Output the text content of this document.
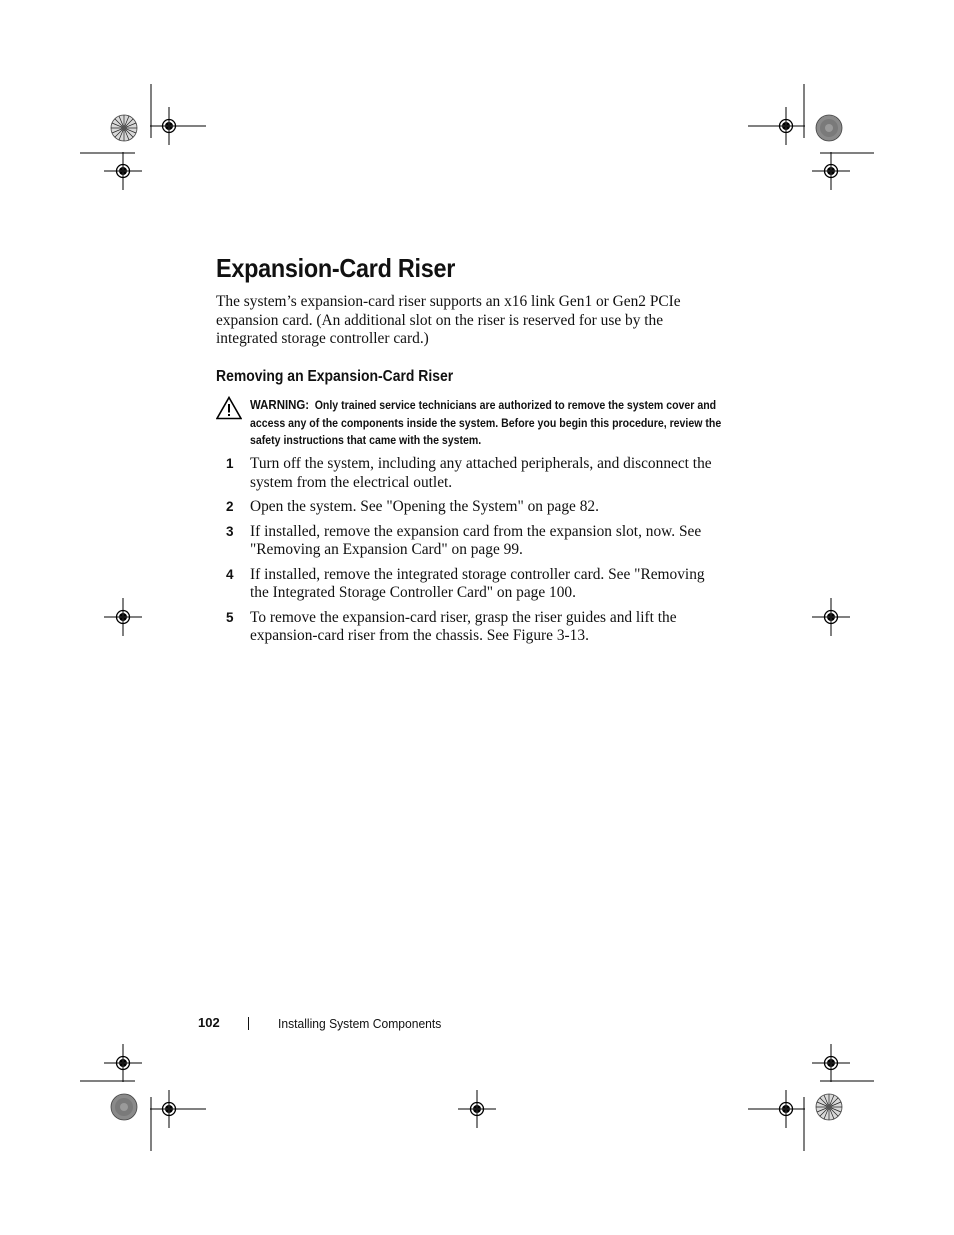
Expansion-Card Riser

The system’s expansion-card riser supports an x16 link Gen1 or Gen2 PCIe expansion card. (An additional slot on the riser is reserved for use by the integrated storage controller card.)

Removing an Expansion-Card Riser
WARNING: Only trained service technicians are authorized to remove the system cover and access any of the components inside the system. Before you begin this procedure, review the safety instructions that came with the system.
1 Turn off the system, including any attached peripherals, and disconnect the system from the electrical outlet.
2 Open the system. See "Opening the System" on page 82.
3 If installed, remove the expansion card from the expansion slot, now. See "Removing an Expansion Card" on page 99.
4 If installed, remove the integrated storage controller card. See "Removing the Integrated Storage Controller Card" on page 100.
5 To remove the expansion-card riser, grasp the riser guides and lift the expansion-card riser from the chassis. See Figure 3-13.
102	Installing System Components
